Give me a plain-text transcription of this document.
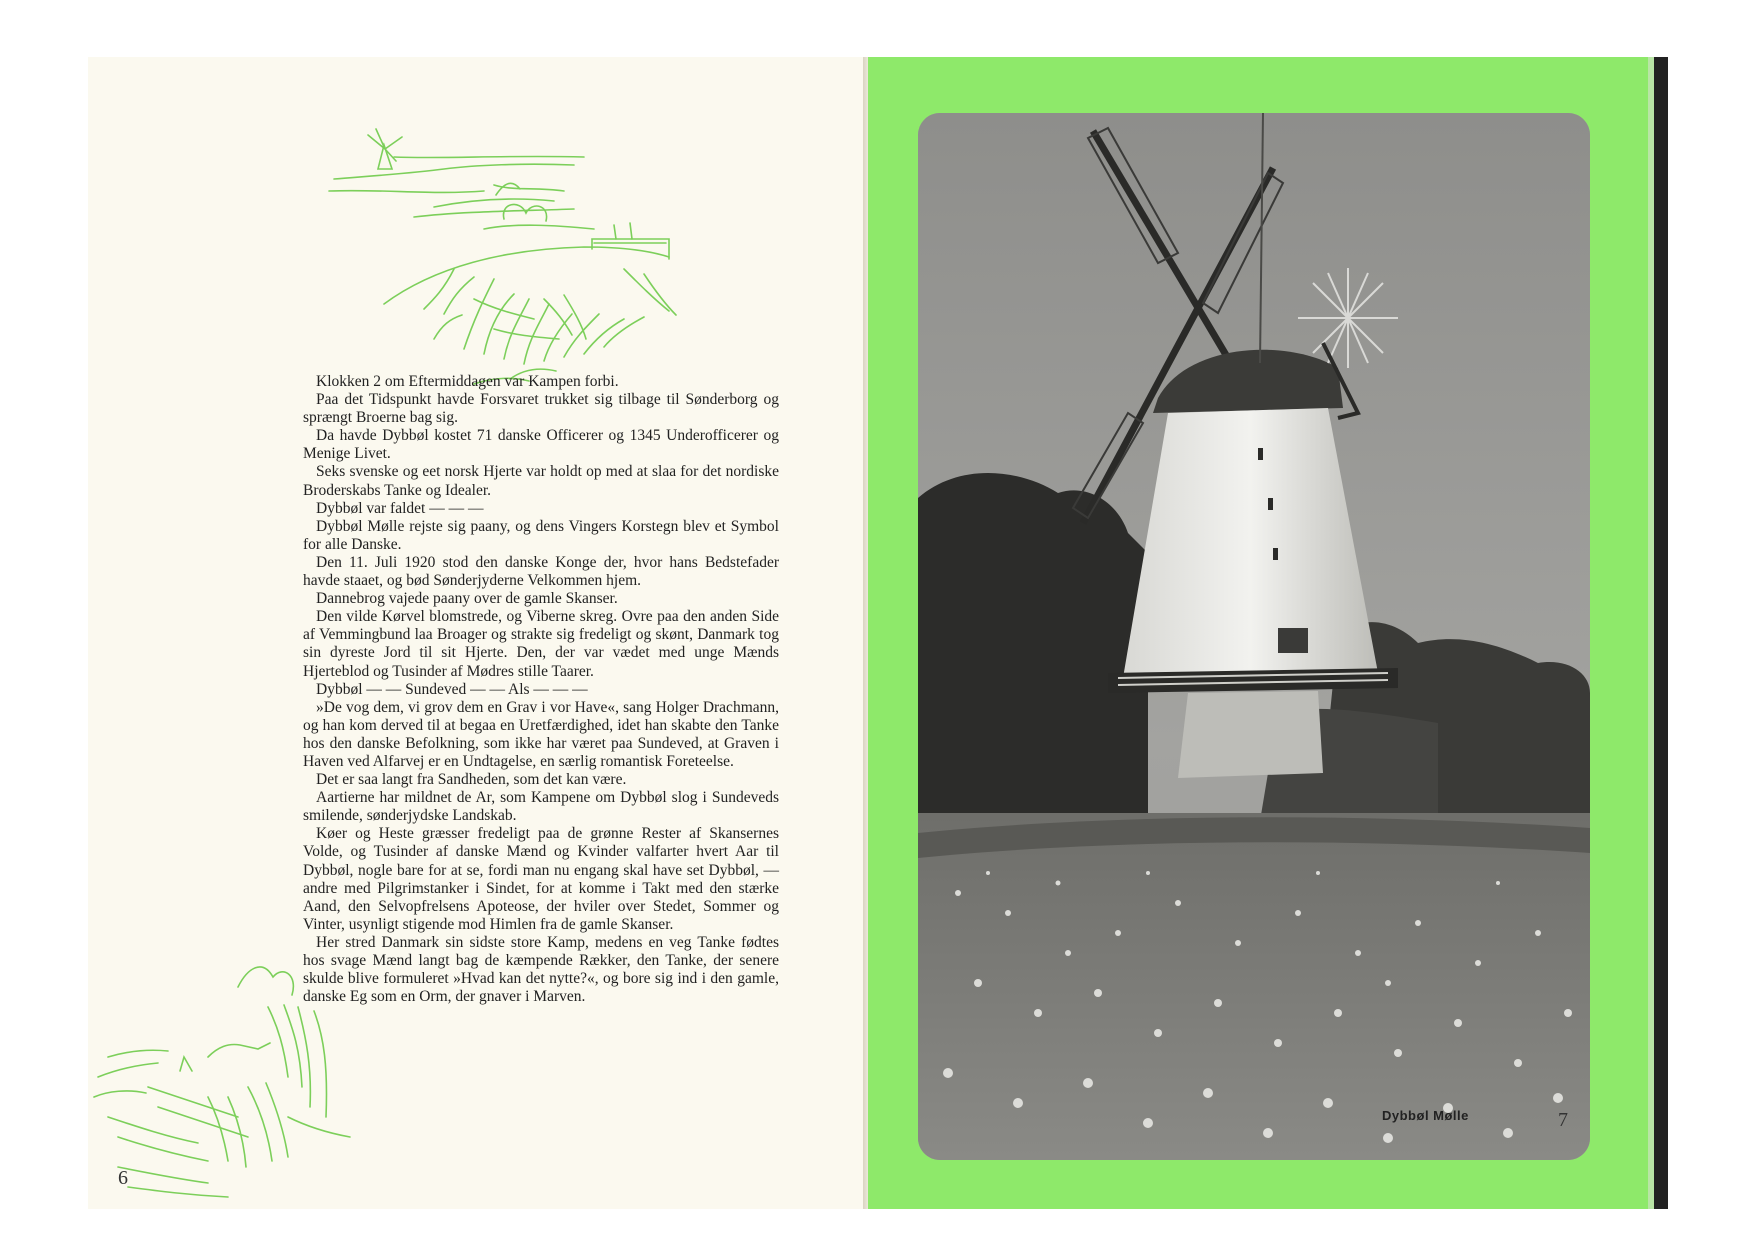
Klokken 2 om Eftermiddagen var Kampen forbi.

Paa det Tidspunkt havde Forsvaret trukket sig tilbage til Sønderborg og sprængt Broerne bag sig.

Da havde Dybbøl kostet 71 danske Officerer og 1345 Underofficerer og Menige Livet.

Seks svenske og eet norsk Hjerte var holdt op med at slaa for det nordiske Broderskabs Tanke og Idealer.

Dybbøl var faldet — — —

Dybbøl Mølle rejste sig paany, og dens Vingers Korstegn blev et Symbol for alle Danske.

Den 11. Juli 1920 stod den danske Konge der, hvor hans Bedstefader havde staaet, og bød Sønderjyderne Velkommen hjem.

Dannebrog vajede paany over de gamle Skanser.

Den vilde Kørvel blomstrede, og Viberne skreg. Ovre paa den anden Side af Vemmingbund laa Broager og strakte sig fredeligt og skønt, Danmark tog sin dyreste Jord til sit Hjerte. Den, der var vædet med unge Mænds Hjerteblod og Tusinder af Mødres stille Taarer.

Dybbøl — — Sundeved — — Als — — —

»De vog dem, vi grov dem en Grav i vor Have«, sang Holger Drachmann, og han kom derved til at begaa en Uretfærdighed, idet han skabte den Tanke hos den danske Befolkning, som ikke har været paa Sundeved, at Graven i Haven ved Alfarvej er en Undtagelse, en særlig romantisk Foreteelse.

Det er saa langt fra Sandheden, som det kan være.

Aartierne har mildnet de Ar, som Kampene om Dybbøl slog i Sundeveds smilende, sønderjydske Landskab.

Køer og Heste græsser fredeligt paa de grønne Rester af Skansernes Volde, og Tusinder af danske Mænd og Kvinder valfarter hvert Aar til Dybbøl, nogle bare for at se, fordi man nu engang skal have set Dybbøl, — andre med Pilgrimstanker i Sindet, for at komme i Takt med den stærke Aand, den Selvopfrelsens Apoteose, der hviler over Stedet, Sommer og Vinter, usynligt stigende mod Himlen fra de gamle Skanser.

Her stred Danmark sin sidste store Kamp, medens en veg Tanke fødtes hos svage Mænd langt bag de kæmpende Rækker, den Tanke, der senere skulde blive formuleret »Hvad kan det nytte?«, og bore sig ind i den gamle, danske Eg som en Orm, der gnaver i Marven.

6
Dybbøl Mølle	7
